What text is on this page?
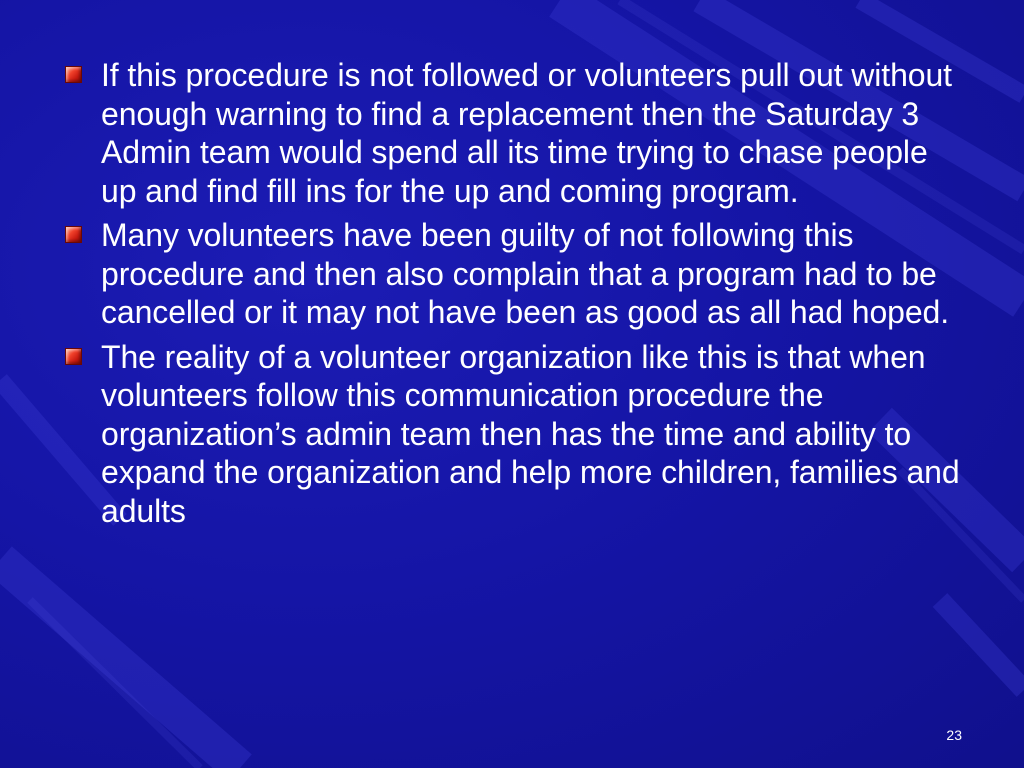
If this procedure is not followed or volunteers pull out without enough warning to find a replacement then the Saturday 3 Admin team would spend all its time trying to chase people up and find fill ins for the up and coming program.
Many volunteers have been guilty of not following this procedure and then also complain that a program had to be cancelled or it may not have been as good as all had hoped.
The reality of a volunteer organization like this is that when volunteers follow this communication procedure the organization’s admin team then has the time and ability to expand the organization and help more children, families and adults
23
